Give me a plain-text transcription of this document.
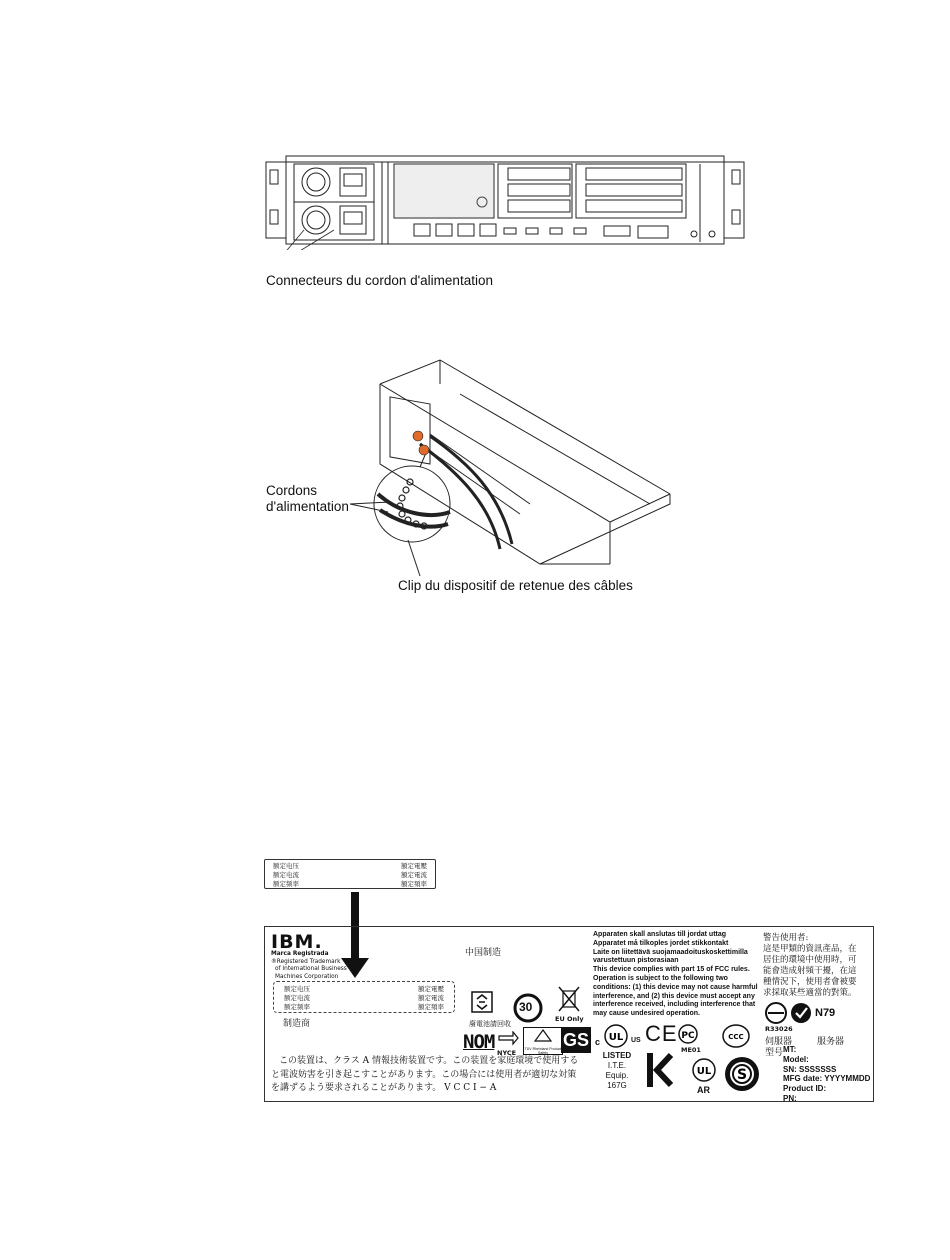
Connecteurs du cordon d'alimentation
Cordons
d'alimentation
Clip du dispositif de retenue des câbles
额定电压	額定電壓
额定电流	額定電流
额定频率	額定頻率
IBM.
Marca Registrada
®Registered Trademark
of International Business
Machines Corporation
额定电压	額定電壓
额定电流	額定電流
额定频率	額定頻率
制造商
中国制造
30
EU Only
廢電池請回收
NOM NYCE TÜV Rheinland Product Safety
GS
Apparaten skall anslutas till jordat uttag
Apparatet må tilkoples jordet stikkontakt
Laite on liitettävä suojamaadoituskoskettimilla
varustettuun pistorasiaan
This device complies with part 15 of FCC rules.
Operation is subject to the following two
conditions: (1) this device may not cause harmful
interference, and (2) this device must accept any
interference received, including interference that
may cause undesired operation.
c UL US
LISTED
I.T.E. Equip.
167G
CE PC
ME01
CCC
UL
AR
S
警告使用者:
這是甲類的資訊產品，在
居住的環境中使用時，可
能會造成射頻干擾，在這
種情況下，使用者會被要
求採取某些適當的對策。
N79
R33026
伺服器	服务器
型号 MT:
Model:
SN: SSSSSSS
MFG date: YYYYMMDD
Product ID:
PN:
この装置は、クラス A 情報技術装置です。この装置を家庭環境で使用する
と電波妨害を引き起こすことがあります。この場合には使用者が適切な対策
を講ずるよう要求されることがあります。 V C C I − A
